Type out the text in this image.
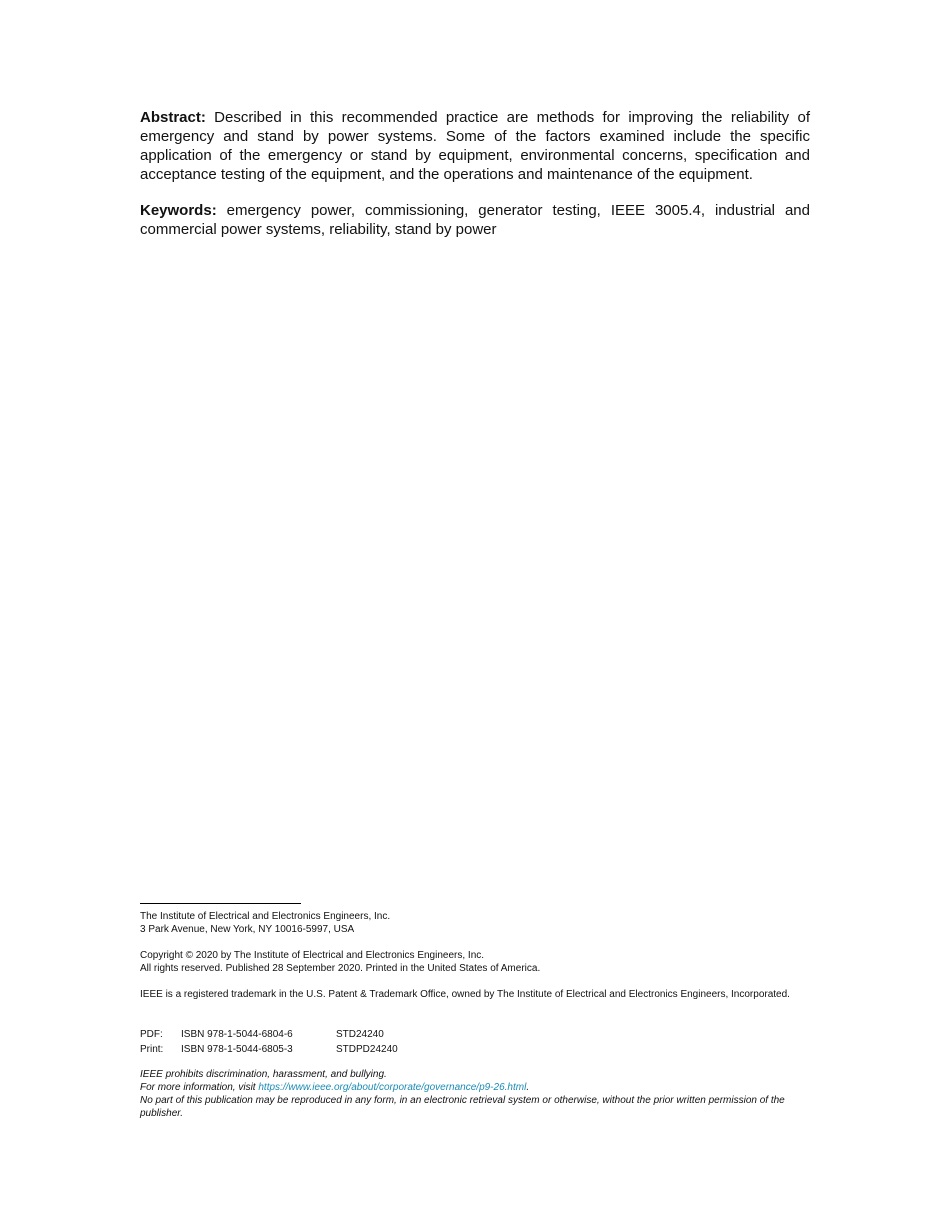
Abstract: Described in this recommended practice are methods for improving the reliability of emergency and stand by power systems. Some of the factors examined include the specific application of the emergency or stand by equipment, environmental concerns, specification and acceptance testing of the equipment, and the operations and maintenance of the equipment.
Keywords: emergency power, commissioning, generator testing, IEEE 3005.4, industrial and commercial power systems, reliability, stand by power
The Institute of Electrical and Electronics Engineers, Inc.
3 Park Avenue, New York, NY 10016-5997, USA
Copyright © 2020 by The Institute of Electrical and Electronics Engineers, Inc.
All rights reserved. Published 28 September 2020. Printed in the United States of America.
IEEE is a registered trademark in the U.S. Patent & Trademark Office, owned by The Institute of Electrical and Electronics Engineers, Incorporated.
PDF:	ISBN 978-1-5044-6804-6	STD24240
Print:	ISBN 978-1-5044-6805-3	STDPD24240
IEEE prohibits discrimination, harassment, and bullying.
For more information, visit https://www.ieee.org/about/corporate/governance/p9-26.html.
No part of this publication may be reproduced in any form, in an electronic retrieval system or otherwise, without the prior written permission of the publisher.
